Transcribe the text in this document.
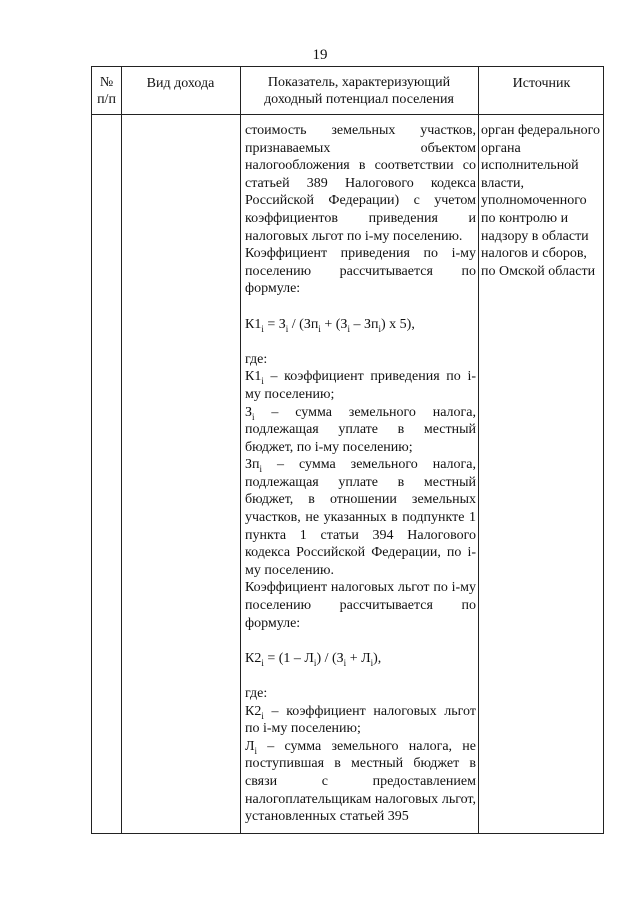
19
№ п/п
Вид дохода	Показатель, характеризующий доходный потенциал поселения
Источник

стоимость земельных участков, признаваемых объектом налогообложения в соответствии со статьей 389 Налогового кодекса Российской Федерации) с учетом коэффициентов приведения и налоговых льгот по i-му поселению.

Коэффициент приведения по i-му поселению рассчитывается по формуле:

$К1_i = З_i / (Зп_i + (З_i - Зп_i)$ х 5),

где:

$К1_i$ – коэффициент приведения по i-му поселению;

$З_i$ – сумма земельного налога, подлежащая уплате в местный бюджет, по i-му поселению;

$Зп_i$ – сумма земельного налога, подлежащая уплате в местный бюджет, в отношении земельных участков, не указанных в подпункте 1 пункта 1 статьи 394 Налогового кодекса Российской Федерации, по i-му поселению.

Коэффициент налоговых льгот по i-му поселению рассчитывается по формуле:

$К2_i = (1 - Л_i) / (З_i + Л_i)$,

где:

$К2_i$ – коэффициент налоговых льгот по i-му поселению;

$Л_i$ – сумма земельного налога, не поступившая в местный бюджет в связи с предоставлением налогоплательщикам налоговых льгот, установленных статьей 395

орган федерального органа исполнительной власти, уполномоченного по контролю и надзору в области налогов и сборов, по Омской области
